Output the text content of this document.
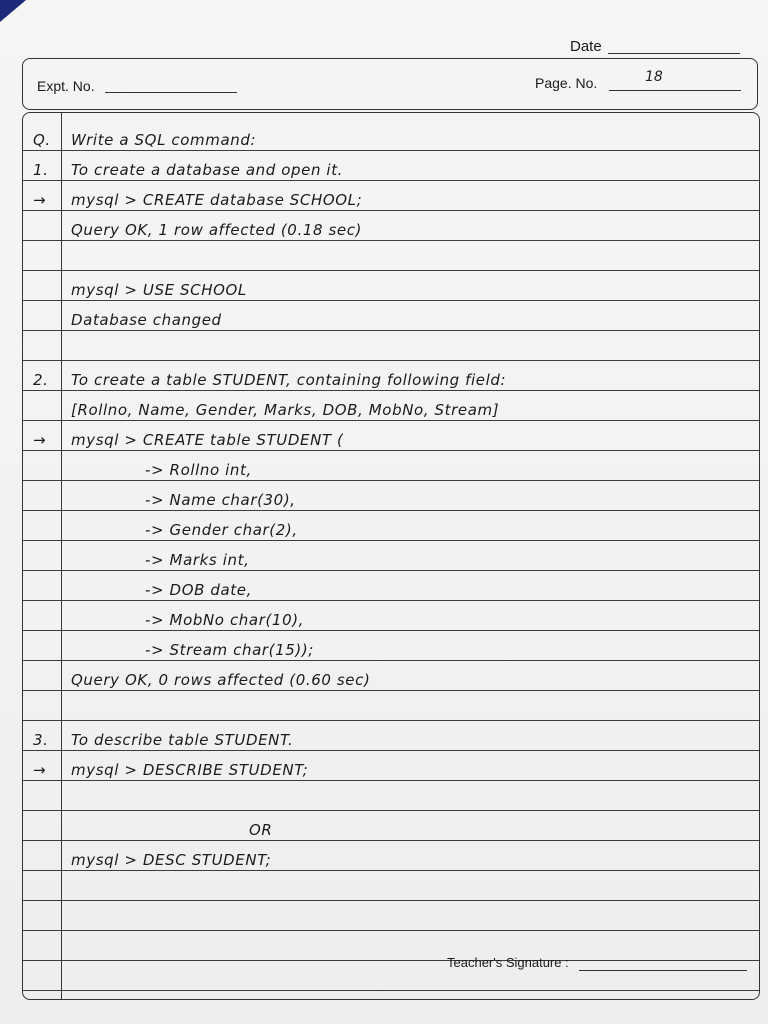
Date
Expt. No.	Page. No.	18
Teacher's Signature :
Q. Write a SQL command:
1. To create a database and open it.
→ mysql > CREATE database SCHOOL;
Query OK, 1 row affected (0.18 sec)
mysql > USE SCHOOL
Database changed
2. To create a table STUDENT, containing following field:
[Rollno, Name, Gender, Marks, DOB, MobNo, Stream]
→ mysql > CREATE table STUDENT (
-> Rollno int,
-> Name char(30),
-> Gender char(2),
-> Marks int,
-> DOB date,
-> MobNo char(10),
-> Stream char(15));
Query OK, 0 rows affected (0.60 sec)
3. To describe table STUDENT.
→ mysql > DESCRIBE STUDENT;
OR
mysql > DESC STUDENT;
